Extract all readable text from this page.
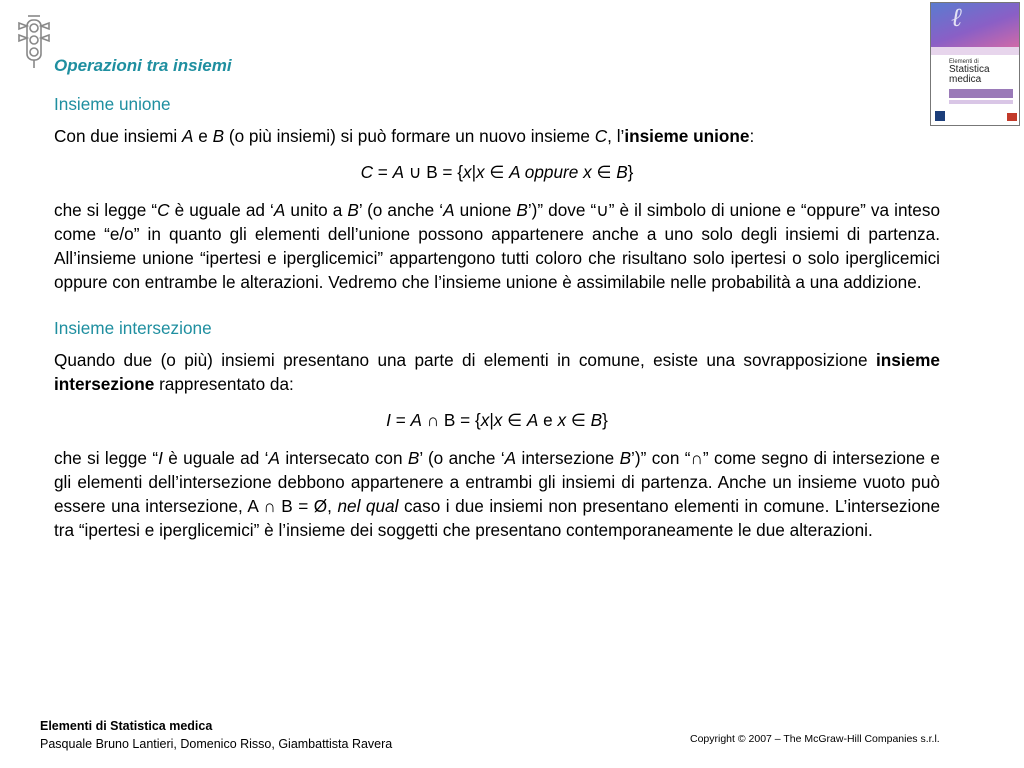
ℓ
Elementi di
Statistica
medica
Operazioni tra insiemi

Insieme unione

Con due insiemi A e B (o più insiemi) si può formare un nuovo insieme C, l’insieme unione:

C = A ∪ B = {x|x ∈ A oppure x ∈ B}

che si legge “C è uguale ad ‘A unito a B’ (o anche ‘A unione B’)” dove “∪” è il simbolo di unione e “oppure” va inteso come “e/o” in quanto gli elementi dell’unione possono appartenere anche a uno solo degli insiemi di partenza. All’insieme unione “ipertesi e iperglicemici” appartengono tutti coloro che risultano solo ipertesi o solo iperglicemici oppure con entrambe le alterazioni. Vedremo che l’insieme unione è assimilabile nelle probabilità a una addizione.

Insieme intersezione

Quando due (o più) insiemi presentano una parte di elementi in comune, esiste una sovrapposizione insieme intersezione rappresentato da:

I = A ∩ B = {x|x ∈ A e x ∈ B}

che si legge “I è uguale ad ‘A intersecato con B’ (o anche ‘A intersezione B’)” con “∩” come segno di intersezione e gli elementi dell’intersezione debbono appartenere a entrambi gli insiemi di partenza. Anche un insieme vuoto può essere una intersezione, A ∩ B = Ø, nel qual caso i due insiemi non presentano elementi in comune. L’intersezione tra “ipertesi e iperglicemici” è l’insieme dei soggetti che presentano contemporaneamente le due alterazioni.

Elementi di Statistica medica
Pasquale Bruno Lantieri, Domenico Risso, Giambattista Ravera	Copyright © 2007 – The McGraw-Hill Companies s.r.l.
